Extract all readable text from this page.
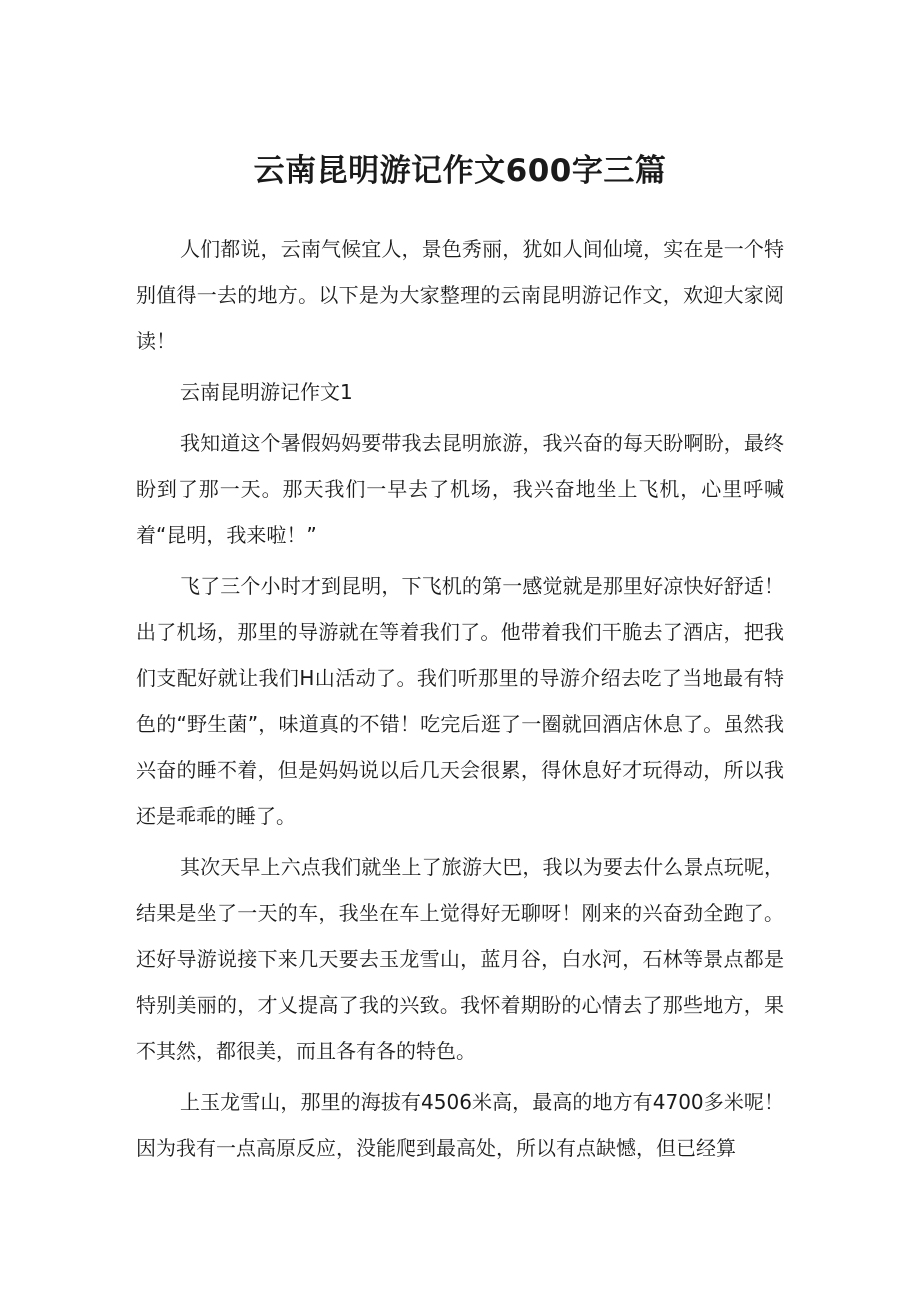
云南昆明游记作文600字三篇

人们都说，云南气候宜人，景色秀丽，犹如人间仙境，实在是一个特别值得一去的地方。以下是为大家整理的云南昆明游记作文，欢迎大家阅读！

云南昆明游记作文1

我知道这个暑假妈妈要带我去昆明旅游，我兴奋的每天盼啊盼，最终盼到了那一天。那天我们一早去了机场，我兴奋地坐上飞机，心里呼喊着“昆明，我来啦！”

飞了三个小时才到昆明，下飞机的第一感觉就是那里好凉快好舒适！出了机场，那里的导游就在等着我们了。他带着我们干脆去了酒店，把我们支配好就让我们H山活动了。我们听那里的导游介绍去吃了当地最有特色的“野生菌”，味道真的不错！吃完后逛了一圈就回酒店休息了。虽然我兴奋的睡不着，但是妈妈说以后几天会很累，得休息好才玩得动，所以我还是乖乖的睡了。

其次天早上六点我们就坐上了旅游大巴，我以为要去什么景点玩呢，结果是坐了一天的车，我坐在车上觉得好无聊呀！刚来的兴奋劲全跑了。还好导游说接下来几天要去玉龙雪山，蓝月谷，白水河，石林等景点都是特别美丽的，才乂提高了我的兴致。我怀着期盼的心情去了那些地方，果不其然，都很美，而且各有各的特色。

上玉龙雪山，那里的海拔有4506米高，最高的地方有4700多米呢！因为我有一点高原反应，没能爬到最高处，所以有点缺憾，但已经算
